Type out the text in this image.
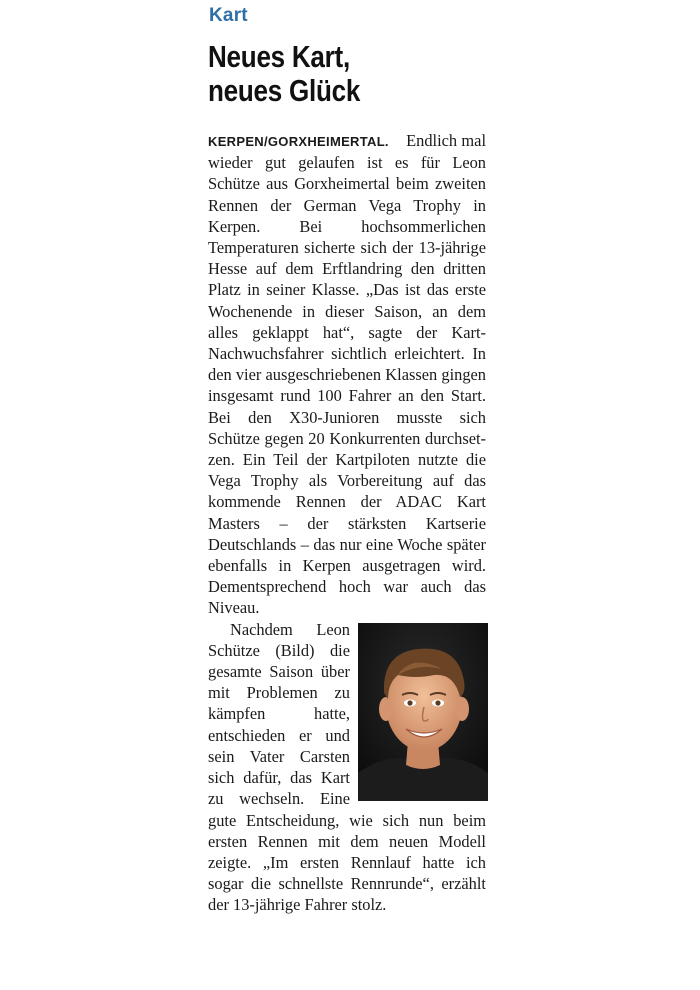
Kart
Neues Kart,
neues Glück

KERPEN/GORXHEIMERTAL. Endlich mal wieder gut gelaufen ist es für Leon Schütze aus Gorxheimertal beim zweiten Rennen der German Vega Trophy in Kerpen. Bei hochsommerlichen Temperaturen sicherte sich der 13-jährige Hesse auf dem Erftlandring den dritten Platz in seiner Klasse. „Das ist das erste Wochenende in dieser Saison, an dem alles geklappt hat“, sagte der Kart-Nachwuchsfahrer sichtlich erleichtert. In den vier ausgeschriebenen Klassen gingen insgesamt rund 100 Fahrer an den Start. Bei den X30-Junioren musste sich Schütze gegen 20 Konkurrenten durchsetzen. Ein Teil der Kartpiloten nutzte die Vega Trophy als Vorbereitung auf das kommende Rennen der ADAC Kart Masters – der stärksten Kartserie Deutschlands – das nur eine Woche später ebenfalls in Kerpen ausgetragen wird. Dementsprechend hoch war auch das Niveau.

Nachdem Leon Schütze (Bild) die gesamte Saison über mit Problemen zu kämpfen hatte, entschieden er und sein Vater Carsten sich dafür, das Kart zu wechseln. Eine gute Entscheidung, wie sich nun beim ersten Rennen mit dem neuen Modell zeigte. „Im ersten Rennlauf hatte ich sogar die schnellste Rennrunde“, erzählt der 13-jährige Fahrer stolz.
